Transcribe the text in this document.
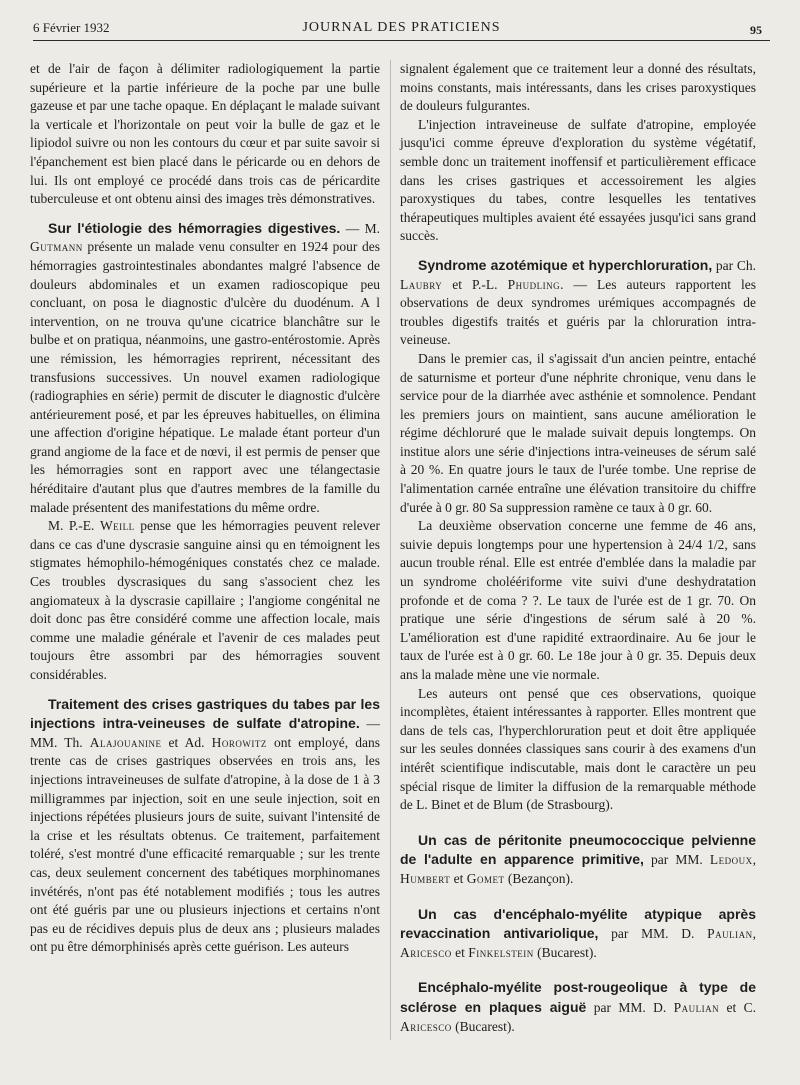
6 Février 1932	JOURNAL DES PRATICIENS	95

et de l'air de façon à délimiter radiologiquement la partie supérieure et la partie inférieure de la poche par une bulle gazeuse et par une tache opaque. En déplaçant le malade suivant la verticale et l'horizontale on peut voir la bulle de gaz et le lipiodol suivre ou non les contours du cœur et par suite savoir si l'épanchement est bien placé dans le péricarde ou en dehors de lui. Ils ont employé ce procédé dans trois cas de péricardite tuberculeuse et ont obtenu ainsi des images très démonstratives.

Sur l'étiologie des hémorragies digestives. — M. Gutmann présente un malade venu consulter en 1924 pour des hémorragies gastrointestinales abondantes malgré l'absence de douleurs abdominales et un examen radioscopique peu concluant, on posa le diagnostic d'ulcère du duodénum. A l intervention, on ne trouva qu'une cicatrice blanchâtre sur le bulbe et on pratiqua, néanmoins, une gastro-entérostomie. Après une rémission, les hémorragies reprirent, nécessitant des transfusions successives. Un nouvel examen radiologique (radiographies en série) permit de discuter le diagnostic d'ulcère antérieurement posé, et par les épreuves habituelles, on élimina une affection d'origine hépatique. Le malade étant porteur d'un grand angiome de la face et de nœvi, il est permis de penser que les hémorragies sont en rapport avec une télangectasie héréditaire d'autant plus que d'autres membres de la famille du malade présentent des manifestations du même ordre.

M. P.-E. Weill pense que les hémorragies peuvent relever dans ce cas d'une dyscrasie sanguine ainsi qu en témoignent les stigmates hémophilo-hémogéniques constatés chez ce malade. Ces troubles dyscrasiques du sang s'associent chez les angiomateux à la dyscrasie capillaire ; l'angiome congénital ne doit donc pas être considéré comme une affection locale, mais comme une maladie générale et l'avenir de ces malades peut toujours être assombri par des hémorragies souvent considérables.

Traitement des crises gastriques du tabes par les injections intra-veineuses de sulfate d'atropine. — MM. Th. Alajouanine et Ad. Horowitz ont employé, dans trente cas de crises gastriques observées en trois ans, les injections intraveineuses de sulfate d'atropine, à la dose de 1 à 3 milligrammes par injection, soit en une seule injection, soit en injections répétées plusieurs jours de suite, suivant l'intensité de la crise et les résultats obtenus. Ce traitement, parfaitement toléré, s'est montré d'une efficacité remarquable ; sur les trente cas, deux seulement concernent des tabétiques morphinomanes invétérés, n'ont pas été notablement modifiés ; tous les autres ont été guéris par une ou plusieurs injections et certains n'ont pas eu de récidives depuis plus de deux ans ; plusieurs malades ont pu être démorphinisés après cette guérison. Les auteurs

signalent également que ce traitement leur a donné des résultats, moins constants, mais intéressants, dans les crises paroxystiques de douleurs fulgurantes.

L'injection intraveineuse de sulfate d'atropine, employée jusqu'ici comme épreuve d'exploration du système végétatif, semble donc un traitement inoffensif et particulièrement efficace dans les crises gastriques et accessoirement les algies paroxystiques du tabes, contre lesquelles les tentatives thérapeutiques multiples avaient été essayées jusqu'ici sans grand succès.

Syndrome azotémique et hyperchloruration, par Ch. Laubry et P.-L. Phudling. — Les auteurs rapportent les observations de deux syndromes urémiques accompagnés de troubles digestifs traités et guéris par la chloruration intra-veineuse.

Dans le premier cas, il s'agissait d'un ancien peintre, entaché de saturnisme et porteur d'une néphrite chronique, venu dans le service pour de la diarrhée avec asthénie et somnolence. Pendant les premiers jours on maintient, sans aucune amélioration le régime déchloruré que le malade suivait depuis longtemps. On institue alors une série d'injections intra-veineuses de sérum salé à 20 %. En quatre jours le taux de l'urée tombe. Une reprise de l'alimentation carnée entraîne une élévation transitoire du chiffre d'urée à 0 gr. 80 Sa suppression ramène ce taux à 0 gr. 60.

La deuxième observation concerne une femme de 46 ans, suivie depuis longtemps pour une hypertension à 24/4 1/2, sans aucun trouble rénal. Elle est entrée d'emblée dans la maladie par un syndrome choléériforme vite suivi d'une deshydratation profonde et de coma ? ?. Le taux de l'urée est de 1 gr. 70. On pratique une série d'ingestions de sérum salé à 20 %. L'amélioration est d'une rapidité extraordinaire. Au 6e jour le taux de l'urée est à 0 gr. 60. Le 18e jour à 0 gr. 35. Depuis deux ans la malade mène une vie normale.

Les auteurs ont pensé que ces observations, quoique incomplètes, étaient intéressantes à rapporter. Elles montrent que dans de tels cas, l'hyperchloruration peut et doit être appliquée sur les seules données classiques sans courir à des examens d'un intérêt scientifique indiscutable, mais dont le caractère un peu spécial risque de limiter la diffusion de la remarquable méthode de L. Binet et de Blum (de Strasbourg).

Un cas de péritonite pneumococcique pelvienne de l'adulte en apparence primitive, par MM. Ledoux, Humbert et Gomet (Bezançon).

Un cas d'encéphalo-myélite atypique après revaccination antivariolique, par MM. D. Paulian, Aricesco et Finkelstein (Bucarest).

Encéphalo-myélite post-rougeolique à type de sclérose en plaques aiguë par MM. D. Paulian et C. Aricesco (Bucarest).
